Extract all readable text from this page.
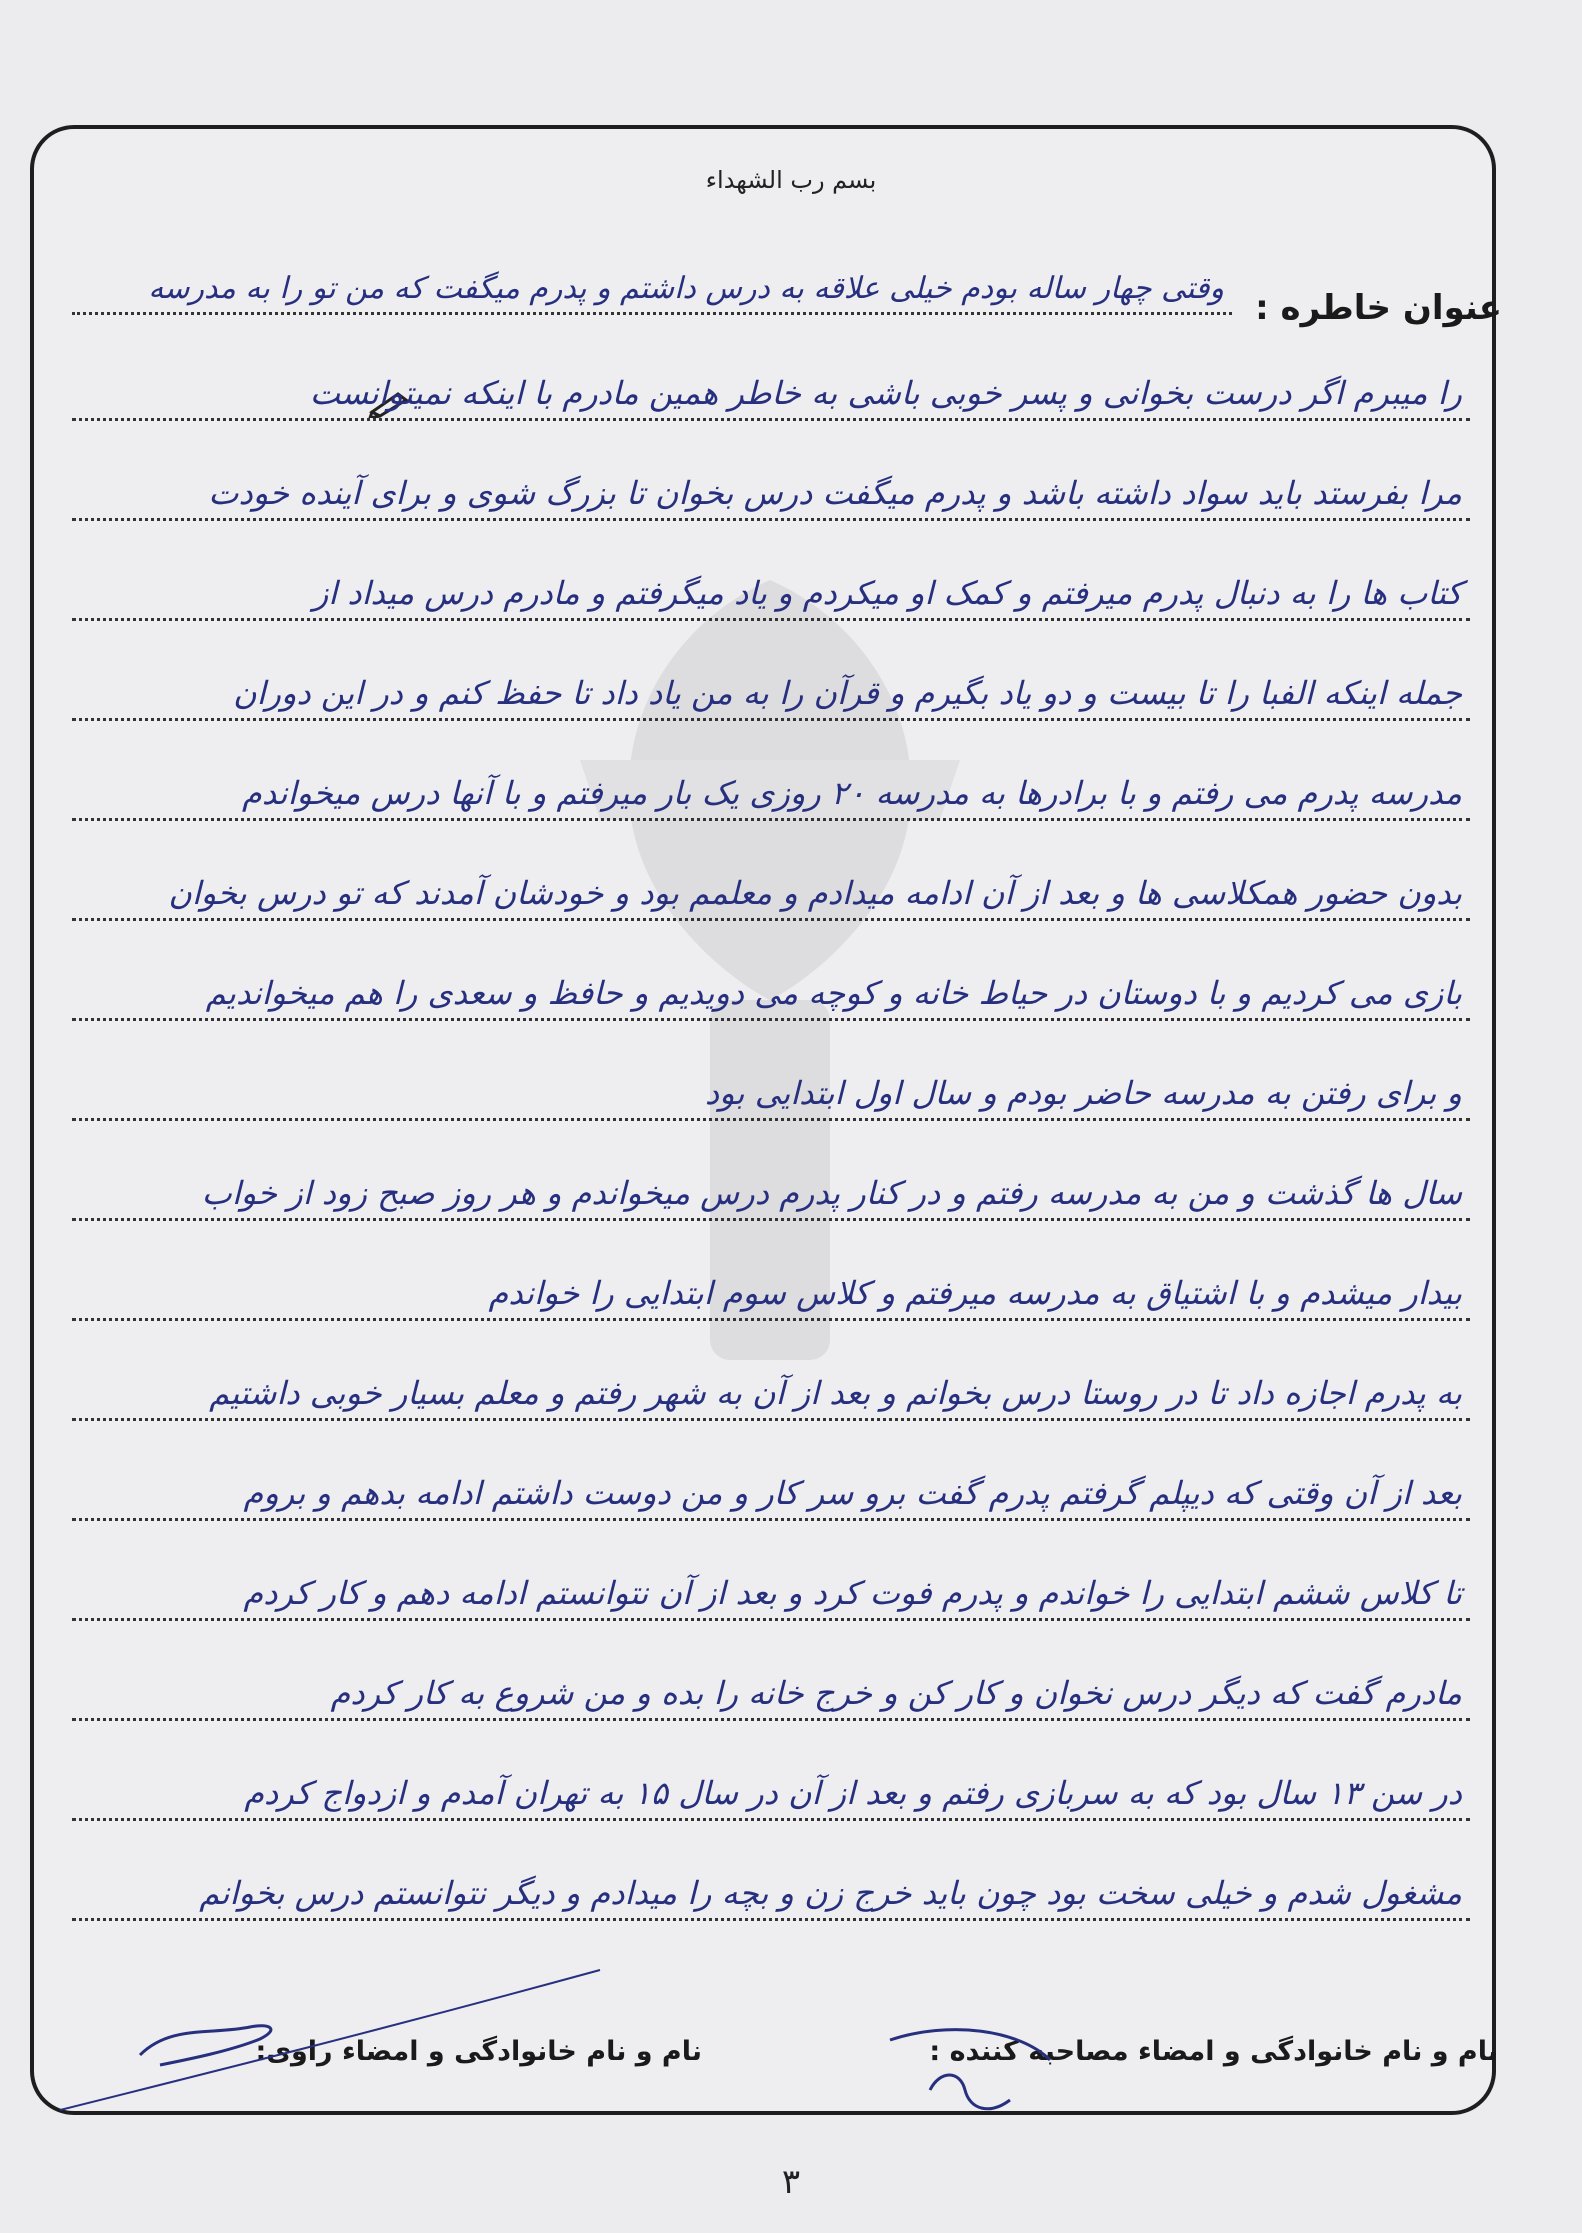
بسم رب الشهداء
عنوان خاطره :
وقتی چهار ساله بودم خیلی علاقه به درس داشتم و پدرم میگفت که من تو را به مدرسه
را میبرم اگر درست بخوانی و پسر خوبی باشی به خاطر همین مادرم با اینکه نمیتوانست
مرا بفرستد باید سواد داشته باشد و پدرم میگفت درس بخوان تا بزرگ شوی و برای آینده خودت
کتاب ها را به دنبال پدرم میرفتم و کمک او میکردم و یاد میگرفتم و مادرم درس میداد از
جمله اینکه الفبا را تا بیست و دو یاد بگیرم و قرآن را به من یاد داد تا حفظ کنم و در این دوران
مدرسه پدرم می رفتم و با برادرها به مدرسه ۲۰ روزی یک بار میرفتم و با آنها درس میخواندم
بدون حضور همکلاسی ها و بعد از آن ادامه میدادم و معلمم بود و خودشان آمدند که تو درس بخوان
بازی می کردیم و با دوستان در حیاط خانه و کوچه می دویدیم و حافظ و سعدی را هم میخواندیم
و برای رفتن به مدرسه حاضر بودم و سال اول ابتدایی بود
سال ها گذشت و من به مدرسه رفتم و در کنار پدرم درس میخواندم و هر روز صبح زود از خواب
بیدار میشدم و با اشتیاق به مدرسه میرفتم و کلاس سوم ابتدایی را خواندم
به پدرم اجازه داد تا در روستا درس بخوانم و بعد از آن به شهر رفتم و معلم بسیار خوبی داشتیم
بعد از آن وقتی که دیپلم گرفتم پدرم گفت برو سر کار و من دوست داشتم ادامه بدهم و بروم
تا کلاس ششم ابتدایی را خواندم و پدرم فوت کرد و بعد از آن نتوانستم ادامه دهم و کار کردم
مادرم گفت که دیگر درس نخوان و کار کن و خرج خانه را بده و من شروع به کار کردم
در سن ۱۳ سال بود که به سربازی رفتم و بعد از آن در سال ۱۵ به تهران آمدم و ازدواج کردم
مشغول شدم و خیلی سخت بود چون باید خرج زن و بچه را میدادم و دیگر نتوانستم درس بخوانم
نام و نام خانوادگی و امضاء مصاحبه کننده :
نام و نام خانوادگی و امضاء راوی:
۳
